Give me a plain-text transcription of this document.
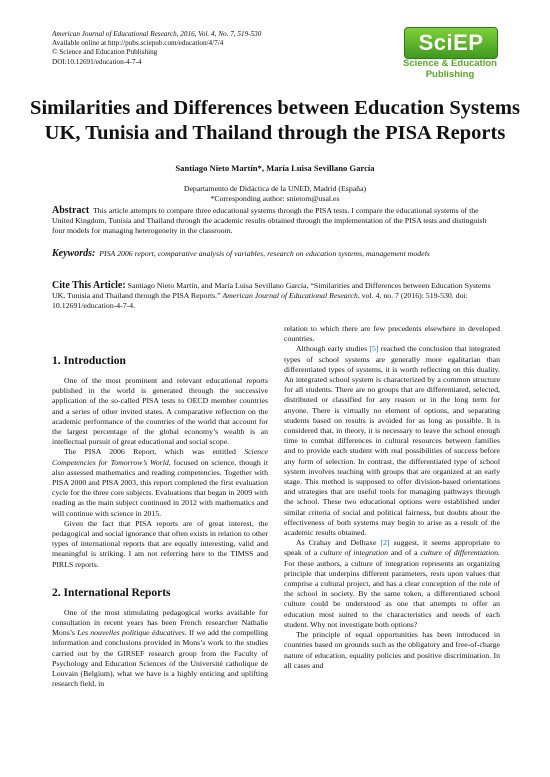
American Journal of Educational Research, 2016, Vol. 4, No. 7, 519-530
Available online at http://pubs.sciepub.com/education/4/7/4
© Science and Education Publishing
DOI:10.12691/education-4-7-4
SciEP
Science & Education
Publishing
Similarities and Differences between Education Systems
UK, Tunisia and Thailand through the PISA Reports
Santiago Nieto Martín*, María Luisa Sevillano García
Departamento de Didáctica de la UNED, Madrid (España)
*Corresponding author: snietom@usal.es
Abstract This article attempts to compare three educational systems through the PISA tests. I compare the educational systems of the United Kingdom, Tunisia and Thailand through the academic results obtained through the implementation of the PISA tests and distinguish four models for managing heterogeneity in the classroom.
Keywords: PISA 2006 report, comparative analysis of variables, research on education systems, management models
Cite This Article: Santiago Nieto Martín, and María Luisa Sevillano García, “Similarities and Differences between Education Systems UK, Tunisia and Thailand through the PISA Reports.” American Journal of Educational Research, vol. 4, no. 7 (2016): 519-530. doi: 10.12691/education-4-7-4.
1. Introduction

One of the most prominent and relevant educational reports published in the world is generated through the successive application of the so-called PISA tests to OECD member countries and a series of other invited states. A comparative reflection on the academic performance of the countries of the world that account for the largest percentage of the global economy’s wealth is an intellectual pursuit of great educational and social scope.

The PISA 2006 Report, which was entitled Science Competencies for Tomorrow’s World, focused on science, though it also assessed mathematics and reading competencies. Together with PISA 2000 and PISA 2003, this report completed the first evaluation cycle for the three core subjects. Evaluations that began in 2009 with reading as the main subject continued in 2012 with mathematics and will continue with science in 2015.

Given the fact that PISA reports are of great interest, the pedagogical and social ignorance that often exists in relation to other types of international reports that are equally interesting, valid and meaningful is striking. I am not referring here to the TIMSS and PIRLS reports.

2. International Reports

One of the most stimulating pedagogical works available for consultation in recent years has been French researcher Nathalie Mons’s Les nouvelles politique éducatives. If we add the compelling information and conclusions provided in Mons’s work to the studies carried out by the GIRSEF research group from the Faculty of Psychology and Education Sciences of the Université catholique de Louvain (Belgium), what we have is a highly enticing and uplifting research field, in

relation to which there are few precedents elsewhere in developed countries.

Although early studies [5] reached the conclusion that integrated types of school systems are generally more egalitarian than differentiated types of systems, it is worth reflecting on this duality. An integrated school system is characterized by a common structure for all students. There are no groups that are differentiated, selected, distributed or classified for any reason or in the long term for anyone. There is virtually no element of options, and separating students based on results is avoided for as long as possible. It is considered that, in theory, it is necessary to leave the school enough time to combat differences in cultural resources between families and to provide each student with real possibilities of success before any form of selection. In contrast, the differentiated type of school system involves teaching with groups that are organized at an early stage. This method is supposed to offer division-based orientations and strategies that are useful tools for managing pathways through the school. These two educational options were established under similar criteria of social and political fairness, but doubts about the effectiveness of both systems may begin to arise as a result of the academic results obtained.

As Crahay and Delhaxe [2] suggest, it seems appropriate to speak of a culture of integration and of a culture of differentiation. For these authors, a culture of integration represents an organizing principle that underpins different parameters, rests upon values that comprise a cultural project, and has a clear conception of the role of the school in society. By the same token, a differentiated school culture could be understood as one that attempts to offer an education most suited to the characteristics and needs of each student. Why not investigate both options?

The principle of equal opportunities has been introduced in countries based on grounds such as the obligatory and free-of-charge nature of education, equality policies and positive discrimination. In all cases and
